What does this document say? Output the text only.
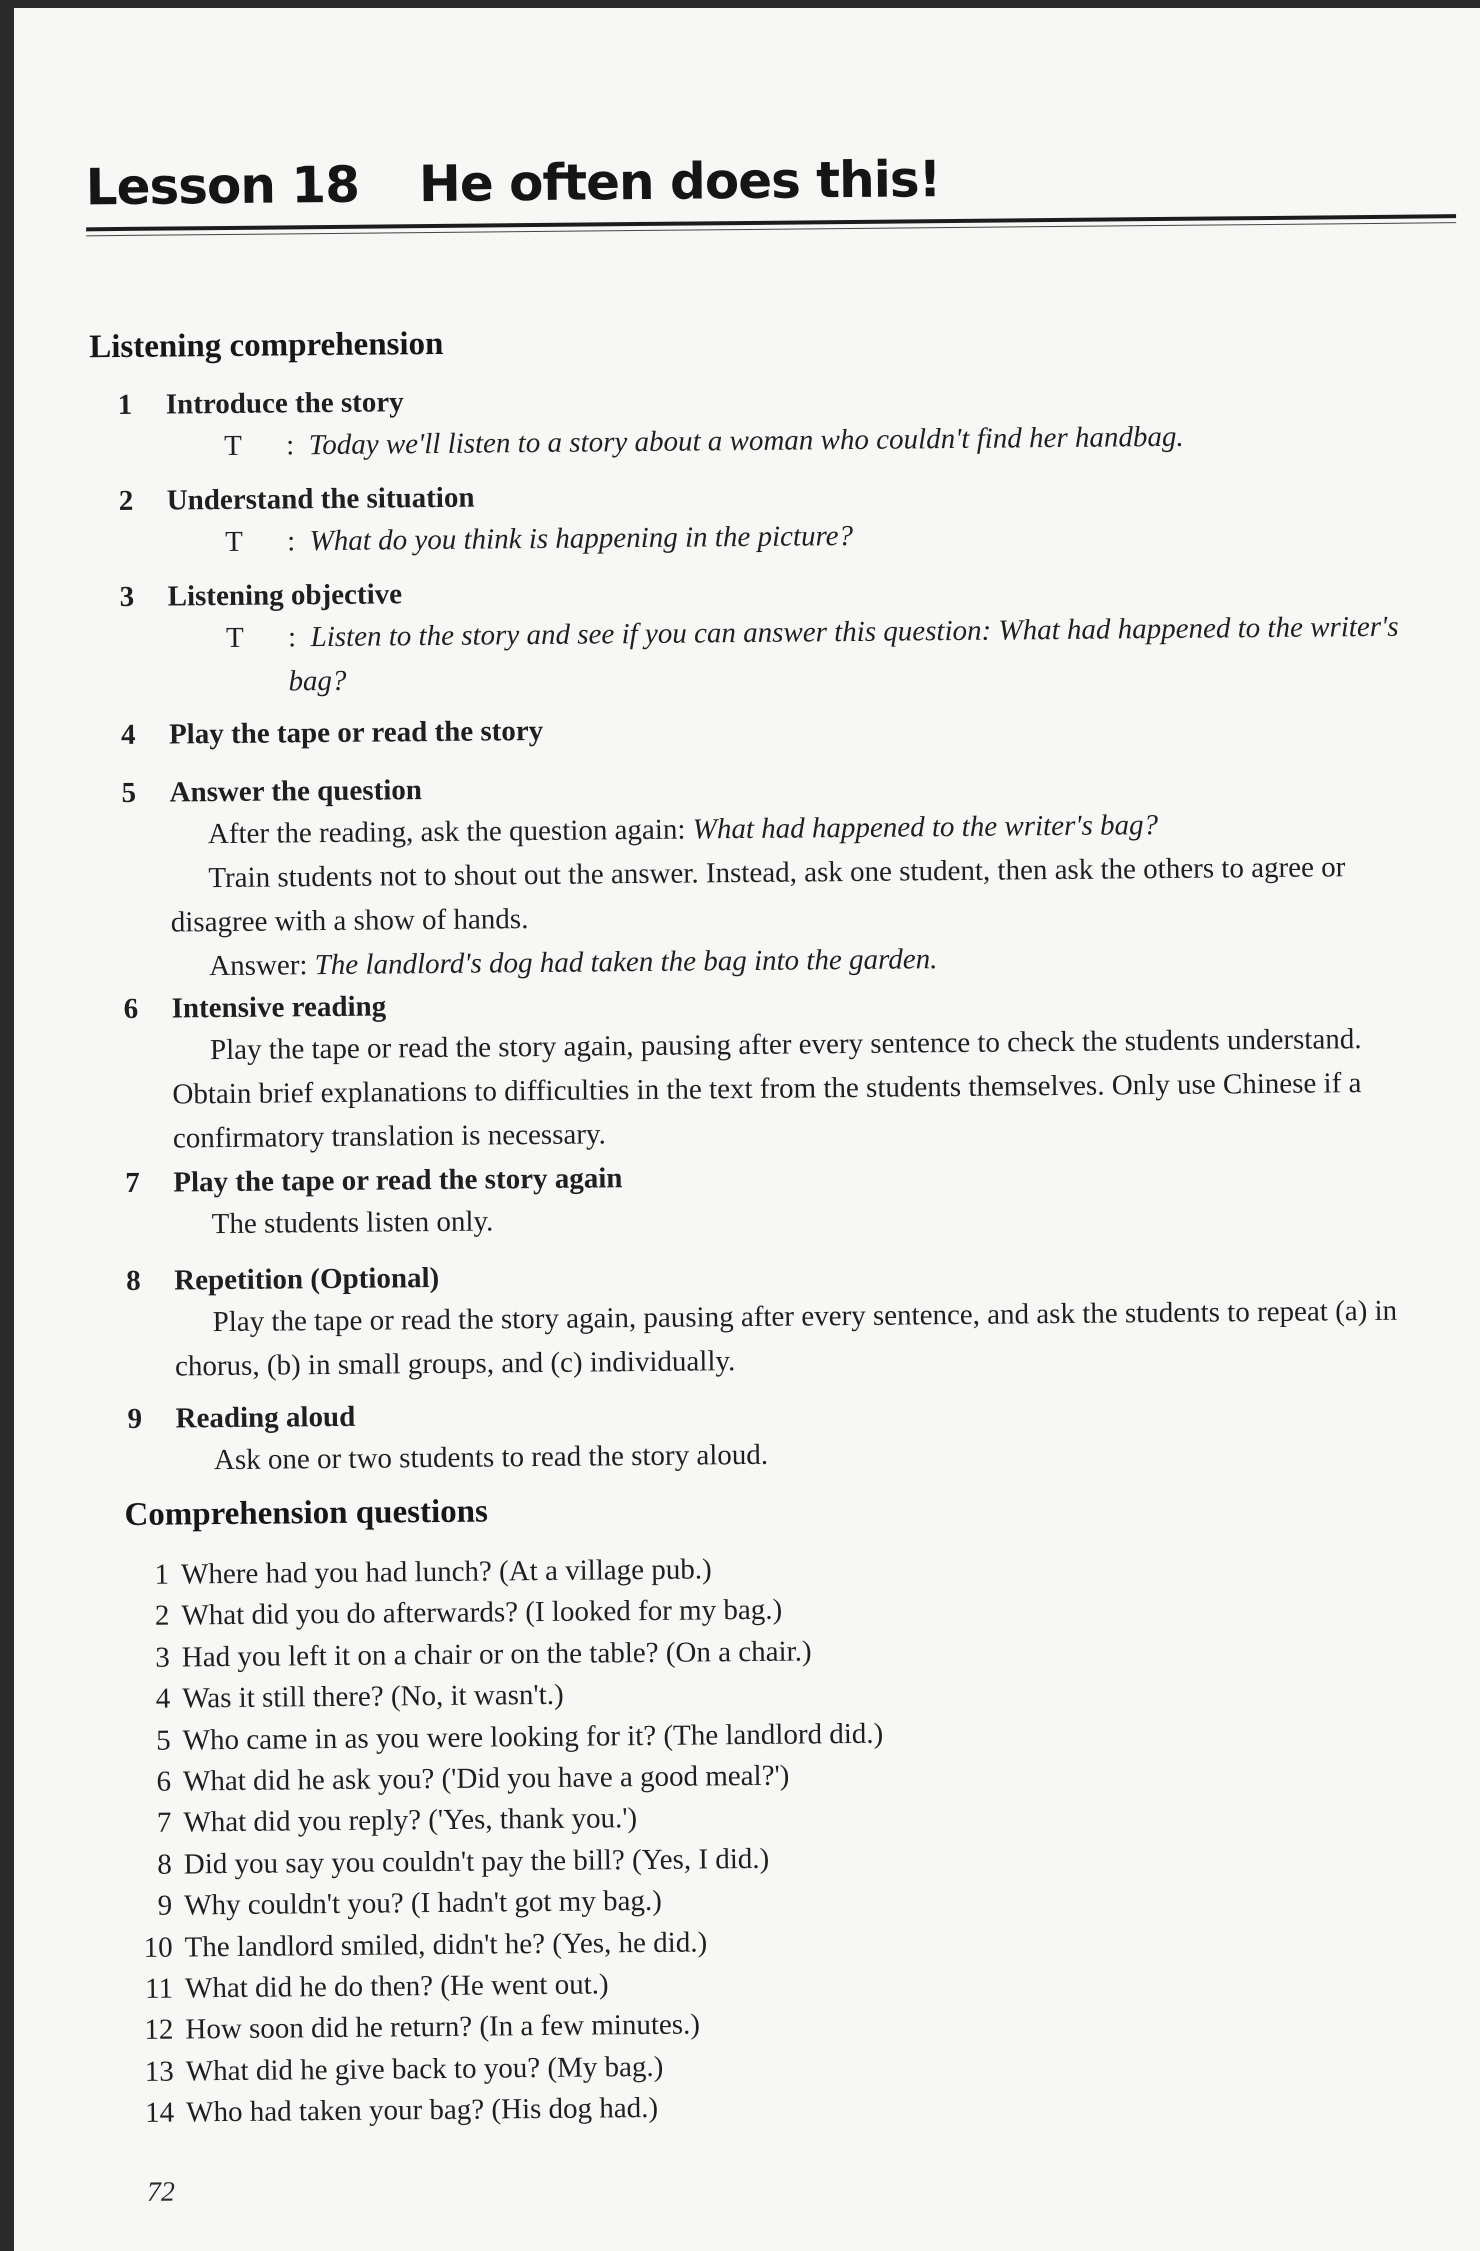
Lesson 18 He often does this!
Listening comprehension
1 Introduce the story
T : Today we'll listen to a story about a woman who couldn't find her handbag.
2 Understand the situation
T : What do you think is happening in the picture?
3 Listening objective
T : Listen to the story and see if you can answer this question: What had happened to the writer's
bag?
4 Play the tape or read the story
5 Answer the question
After the reading, ask the question again: What had happened to the writer's bag?
Train students not to shout out the answer. Instead, ask one student, then ask the others to agree or
disagree with a show of hands.
Answer: The landlord's dog had taken the bag into the garden.
6 Intensive reading
Play the tape or read the story again, pausing after every sentence to check the students understand.
Obtain brief explanations to difficulties in the text from the students themselves. Only use Chinese if a
confirmatory translation is necessary.
7 Play the tape or read the story again
The students listen only.
8 Repetition (Optional)
Play the tape or read the story again, pausing after every sentence, and ask the students to repeat (a) in
chorus, (b) in small groups, and (c) individually.
9 Reading aloud
Ask one or two students to read the story aloud.
Comprehension questions
1 Where had you had lunch? (At a village pub.)
2 What did you do afterwards? (I looked for my bag.)
3 Had you left it on a chair or on the table? (On a chair.)
4 Was it still there? (No, it wasn't.)
5 Who came in as you were looking for it? (The landlord did.)
6 What did he ask you? ('Did you have a good meal?')
7 What did you reply? ('Yes, thank you.')
8 Did you say you couldn't pay the bill? (Yes, I did.)
9 Why couldn't you? (I hadn't got my bag.)
10 The landlord smiled, didn't he? (Yes, he did.)
11 What did he do then? (He went out.)
12 How soon did he return? (In a few minutes.)
13 What did he give back to you? (My bag.)
14 Who had taken your bag? (His dog had.)
72
